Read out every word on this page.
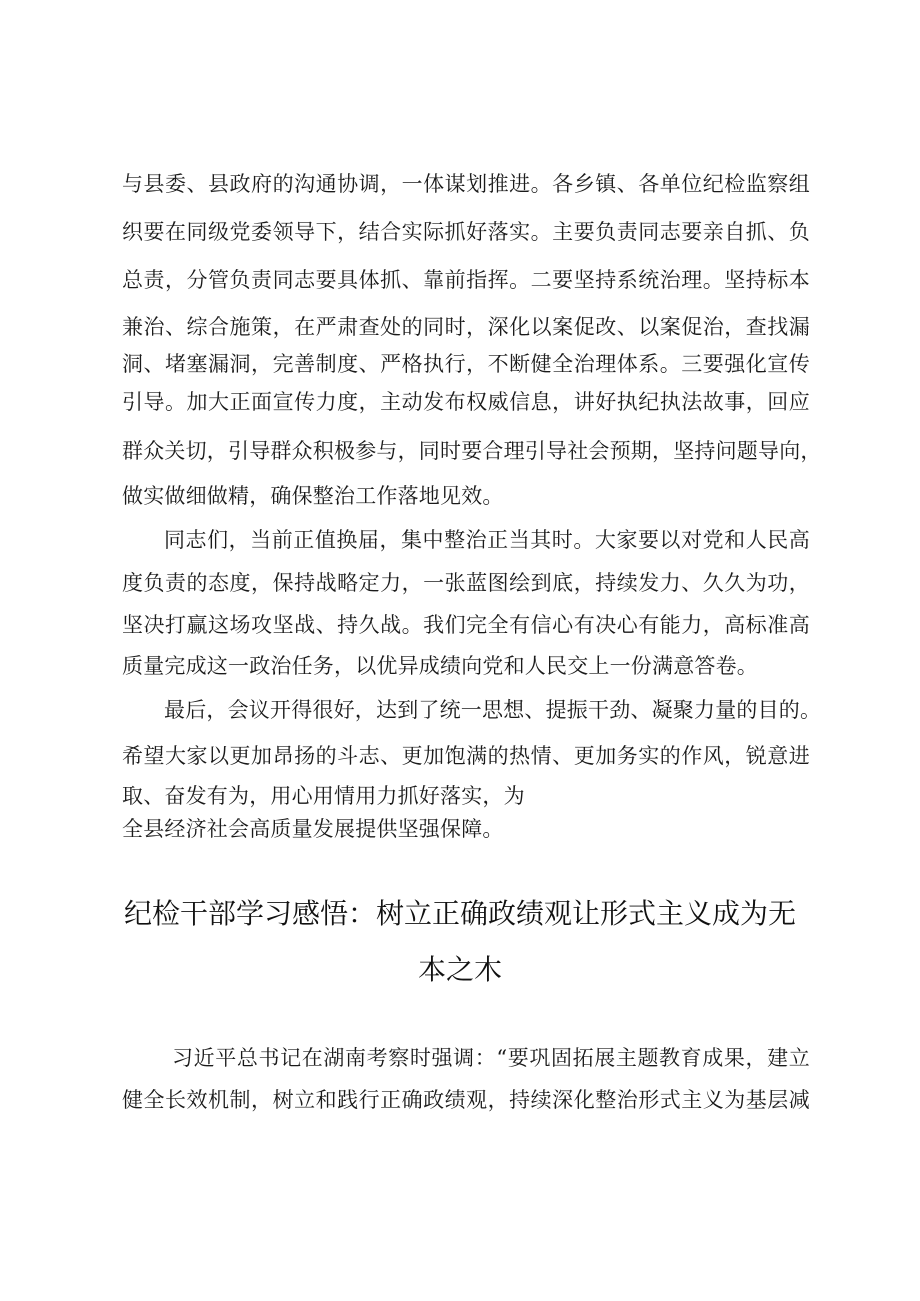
与县委、县政府的沟通协调，一体谋划推进。各乡镇、各单位纪检监察组
织要在同级党委领导下，结合实际抓好落实。主要负责同志要亲自抓、负
总责，分管负责同志要具体抓、靠前指挥。二要坚持系统治理。坚持标本
兼治、综合施策，在严肃查处的同时，深化以案促改、以案促治，查找漏
洞、堵塞漏洞，完善制度、严格执行，不断健全治理体系。三要强化宣传
引导。加大正面宣传力度，主动发布权威信息，讲好执纪执法故事，回应
群众关切，引导群众积极参与，同时要合理引导社会预期，坚持问题导向，
做实做细做精，确保整治工作落地见效。
同志们，当前正值换届，集中整治正当其时。大家要以对党和人民高
度负责的态度，保持战略定力，一张蓝图绘到底，持续发力、久久为功，
坚决打赢这场攻坚战、持久战。我们完全有信心有决心有能力，高标准高
质量完成这一政治任务，以优异成绩向党和人民交上一份满意答卷。
最后，会议开得很好，达到了统一思想、提振干劲、凝聚力量的目的。
希望大家以更加昂扬的斗志、更加饱满的热情、更加务实的作风，锐意进
取、奋发有为，用心用情用力抓好落实，为
全县经济社会高质量发展提供坚强保障。
纪检干部学习感悟：树立正确政绩观让形式主义成为无
本之木
习近平总书记在湖南考察时强调：“要巩固拓展主题教育成果，建立
健全长效机制，树立和践行正确政绩观，持续深化整治形式主义为基层减
